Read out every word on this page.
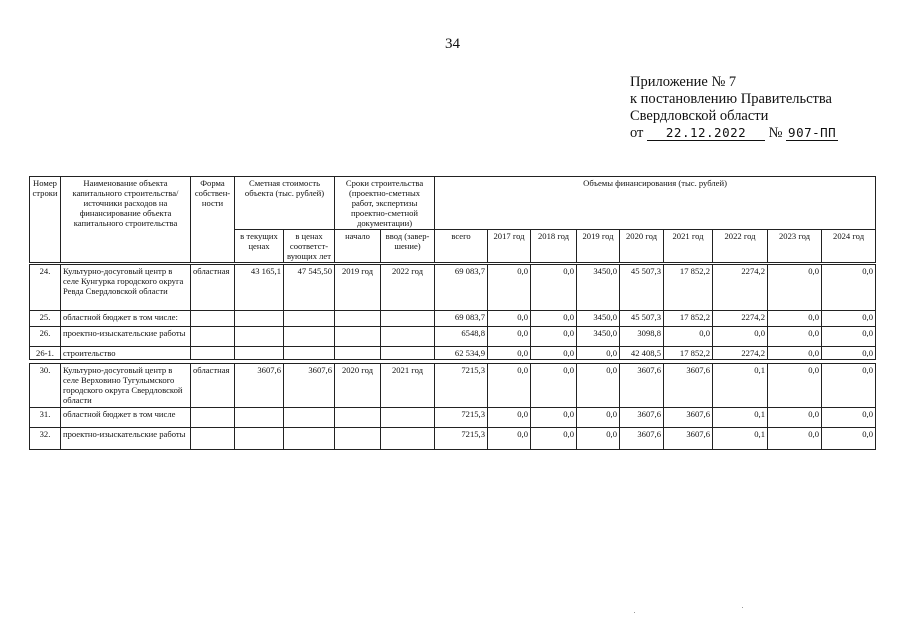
34
Приложение № 7
к постановлению Правительства
Свердловской области
от 22.12.2022 № 907-ПП
Номер строки	Наименование объекта капитального строительства/ источники расходов на финансирование объекта капитального строительства	Форма собствен-ности	Сметная стоимость объекта (тыс. рублей)		Сроки строительства (проектно-сметных работ, экспертизы проектно-сметной документации)		Объемы финансирования (тыс. рублей)								
			в текущих ценах	в ценах соответст-вующих лет	начало	ввод (завер-шение)	всего	2017 год	2018 год	2019 год	2020 год	2021 год	2022 год	2023 год	2024 год
24.	Культурно-досуговый центр в селе Кунгурка городского округа Ревда Свердловской области	областная	43 165,1	47 545,50	2019 год	2022 год	69 083,7	0,0	0,0	3450,0	45 507,3	17 852,2	2274,2	0,0	0,0
25.	областной бюджет в том числе:						69 083,7	0,0	0,0	3450,0	45 507,3	17 852,2	2274,2	0,0	0,0
26.	проектно-изыскательские работы						6548,8	0,0	0,0	3450,0	3098,8	0,0	0,0	0,0	0,0
26-1.	строительство						62 534,9	0,0	0,0	0,0	42 408,5	17 852,2	2274,2	0,0	0,0

30.	Культурно-досуговый центр в селе Верховино Тугулымского городского округа Свердловской области	областная	3607,6	3607,6	2020 год	2021 год	7215,3	0,0	0,0	0,0	3607,6	3607,6	0,1	0,0	0,0
31.	областной бюджет в том числе						7215,3	0,0	0,0	0,0	3607,6	3607,6	0,1	0,0	0,0
32.	проектно-изыскательские работы						7215,3	0,0	0,0	0,0	3607,6	3607,6	0,1	0,0	0,0
